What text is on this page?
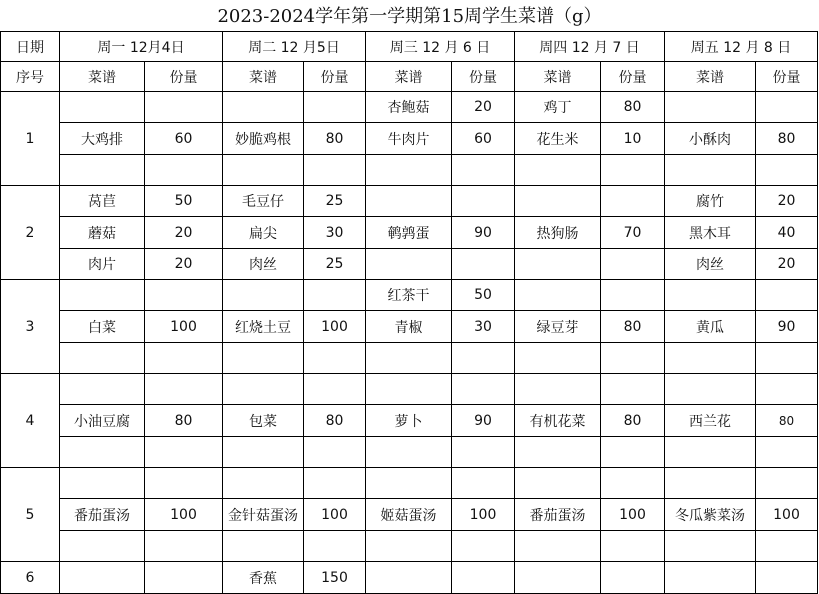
2023-2024学年第一学期第15周学生菜谱（g）
日期	周一 12月4日		周二 12 月5日		周三 12 月 6 日		周四 12 月 7 日		周五 12 月 8 日	
序号	菜谱	份量	菜谱	份量	菜谱	份量	菜谱	份量	菜谱	份量
1					杏鲍菇	20	鸡丁	80		
	大鸡排	60	妙脆鸡根	80	牛肉片	60	花生米	10	小酥肉	80

2	莴苣	50	毛豆仔	25					腐竹	20
	蘑菇	20	扁尖	30	鹌鹑蛋	90	热狗肠	70	黑木耳	40
	肉片	20	肉丝	25					肉丝	20
3					红茶干	50				
	白菜	100	红烧土豆	100	青椒	30	绿豆芽	80	黄瓜	90

4										
	小油豆腐	80	包菜	80	萝卜	90	有机花菜	80	西兰花	80

5										
	番茄蛋汤	100	金针菇蛋汤	100	姬菇蛋汤	100	番茄蛋汤	100	冬瓜紫菜汤	100

6			香蕉	150						
